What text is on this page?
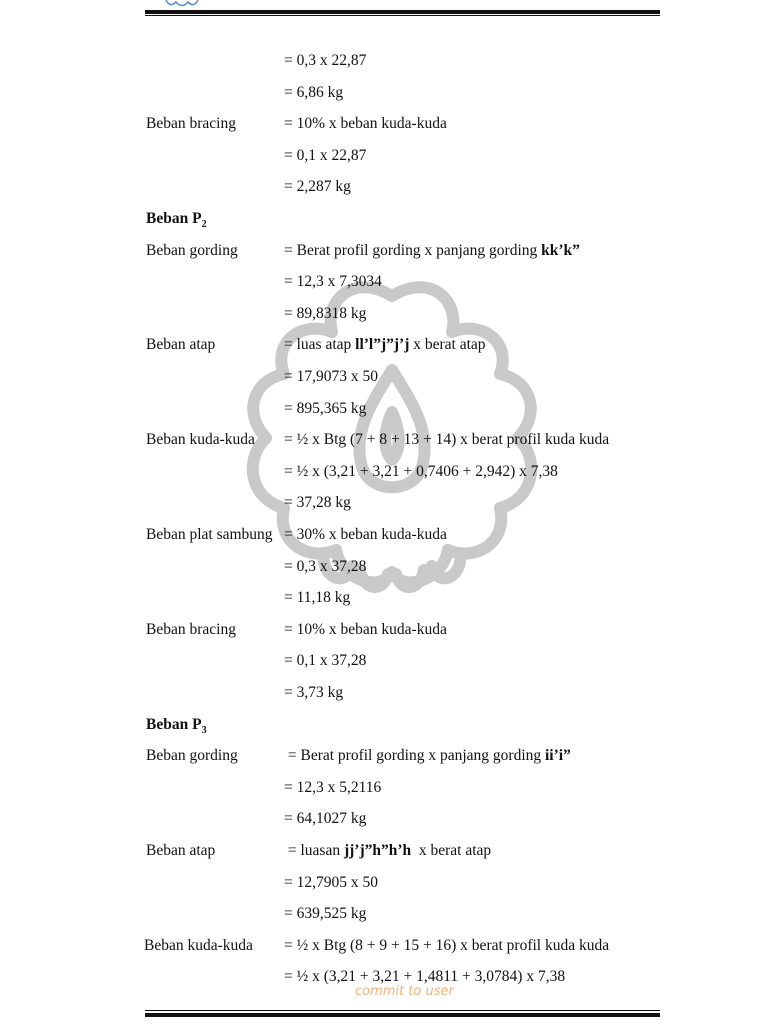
= 0,3 x 22,87
= 6,86 kg
Beban bracing	= 10% x beban kuda-kuda
= 0,1 x 22,87
= 2,287 kg
Beban $P_2$
Beban gording	= Berat profil gording x panjang gording kk’k”
= 12,3 x 7,3034
= 89,8318 kg
Beban atap	= luas atap ll’l”j”j’j x berat atap
= 17,9073 x 50
= 895,365 kg
Beban kuda-kuda = ½ x Btg (7 + 8 + 13 + 14) x berat profil kuda kuda
= ½ x (3,21 + 3,21 + 0,7406 + 2,942) x 7,38
= 37,28 kg
Beban plat sambung = 30% x beban kuda-kuda
= 0,3 x 37,28
= 11,18 kg
Beban bracing	= 10% x beban kuda-kuda
= 0,1 x 37,28
= 3,73 kg
Beban $P_3$
Beban gording	= Berat profil gording x panjang gording ii’i”
= 12,3 x 5,2116
= 64,1027 kg
Beban atap	= luasan jj’j”h”h’h  x berat atap
= 12,7905 x 50
= 639,525 kg
Beban kuda-kuda = ½ x Btg (8 + 9 + 15 + 16) x berat profil kuda kuda
= ½ x (3,21 + 3,21 + 1,4811 + 3,0784) x 7,38
commit to user
